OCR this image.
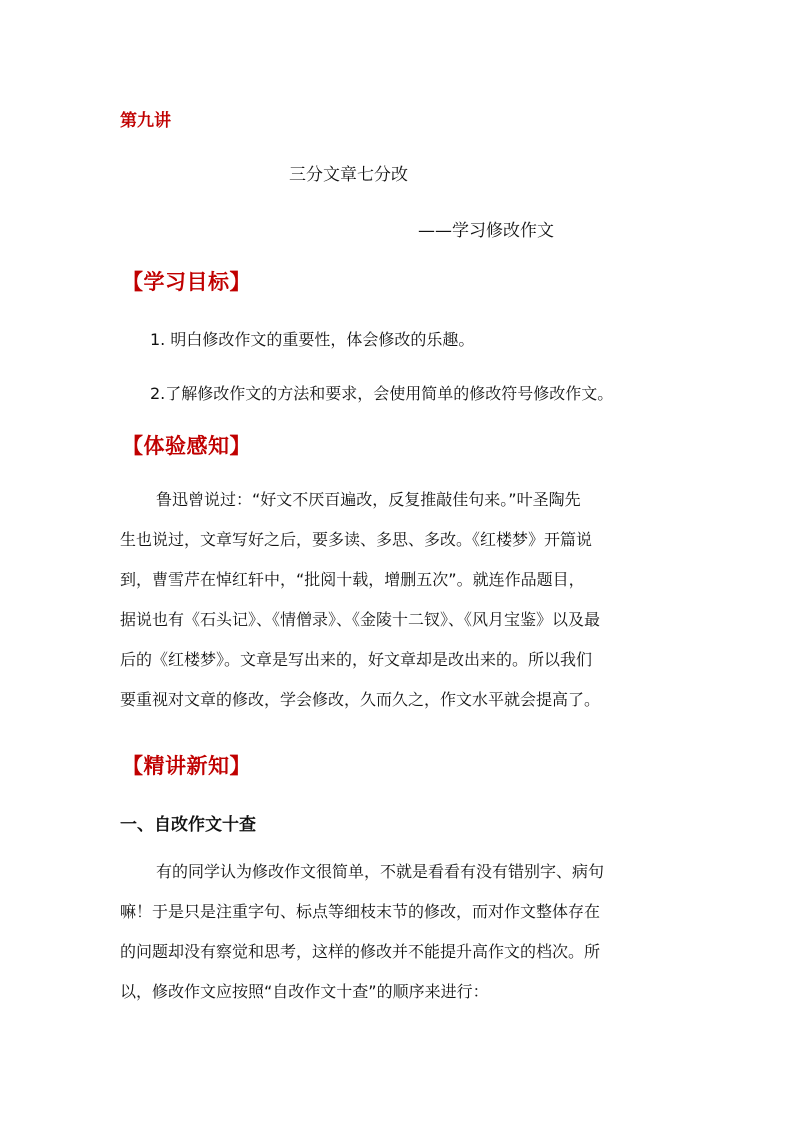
第九讲
三分文章七分改
——学习修改作文
【学习目标】
1. 明白修改作文的重要性，体会修改的乐趣。
2.了解修改作文的方法和要求，会使用简单的修改符号修改作文。
【体验感知】
鲁迅曾说过：“好文不厌百遍改，反复推敲佳句来。”叶圣陶先
生也说过，文章写好之后，要多读、多思、多改。《红楼梦》开篇说
到，曹雪芹在悼红轩中，“批阅十载，增删五次”。就连作品题目，
据说也有《石头记》、《情僧录》、《金陵十二钗》、《风月宝鉴》以及最
后的《红楼梦》。文章是写出来的，好文章却是改出来的。所以我们
要重视对文章的修改，学会修改，久而久之，作文水平就会提高了。
【精讲新知】
一、自改作文十查
有的同学认为修改作文很简单，不就是看看有没有错别字、病句
嘛！于是只是注重字句、标点等细枝末节的修改，而对作文整体存在
的问题却没有察觉和思考，这样的修改并不能提升高作文的档次。所
以，修改作文应按照“自改作文十查”的顺序来进行：
